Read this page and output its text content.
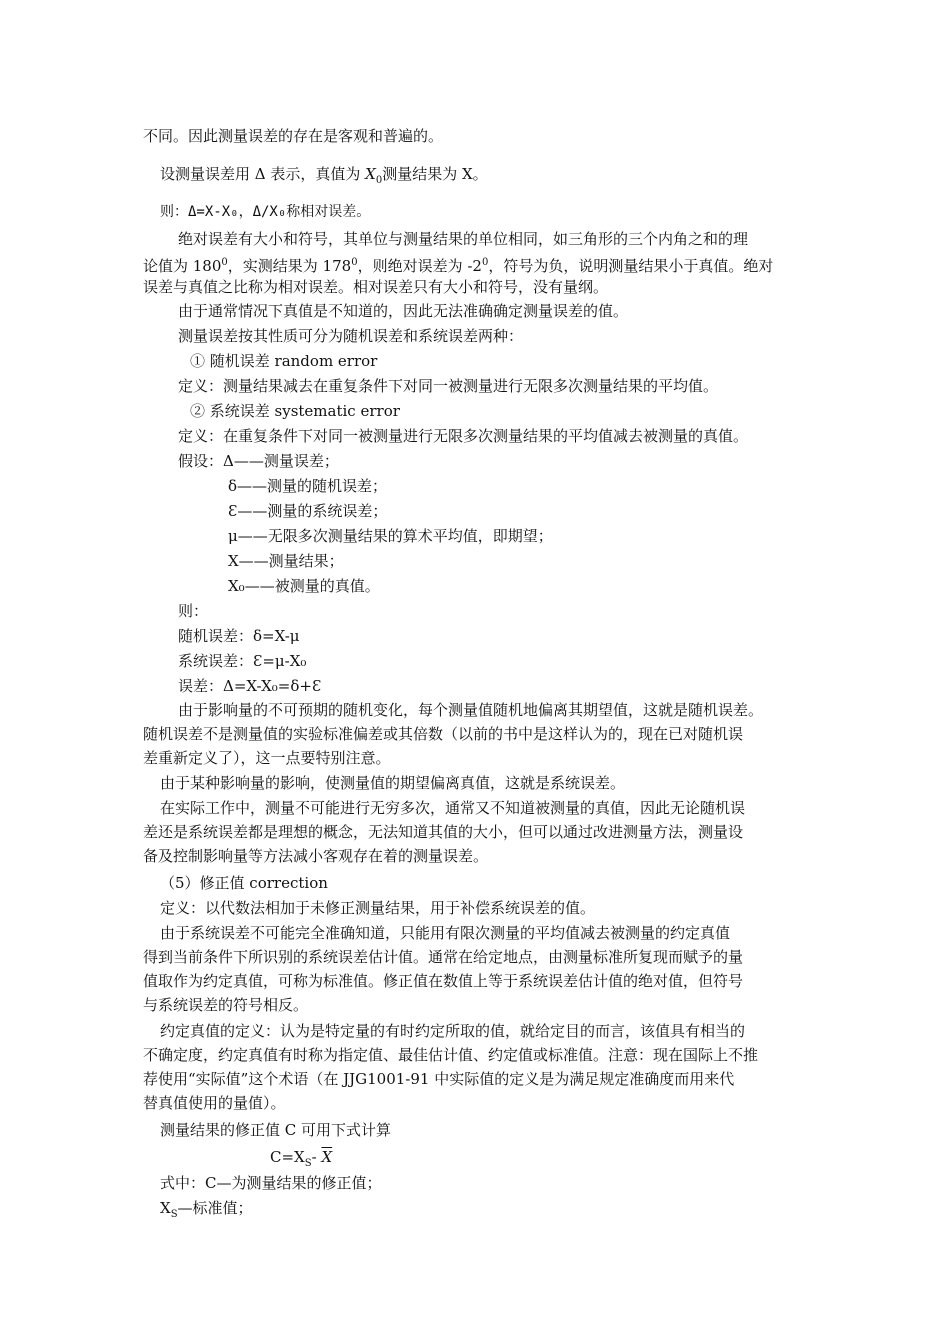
不同。因此测量误差的存在是客观和普遍的。
设测量误差用 Δ 表示，真值为 $X_0$测量结果为 X。
则：Δ=X-X₀，Δ/X₀称相对误差。
绝对误差有大小和符号，其单位与测量结果的单位相同，如三角形的三个内角之和的理
论值为 $180^0$，实测结果为 $178^0$，则绝对误差为 $-2^0$，符号为负，说明测量结果小于真值。绝对
误差与真值之比称为相对误差。相对误差只有大小和符号，没有量纲。
由于通常情况下真值是不知道的，因此无法准确确定测量误差的值。
测量误差按其性质可分为随机误差和系统误差两种：
① 随机误差 random error
定义：测量结果减去在重复条件下对同一被测量进行无限多次测量结果的平均值。
② 系统误差 systematic error
定义：在重复条件下对同一被测量进行无限多次测量结果的平均值减去被测量的真值。
假设：Δ——测量误差；
δ——测量的随机误差；
Ɛ——测量的系统误差；
μ——无限多次测量结果的算术平均值，即期望；
X——测量结果；
X₀——被测量的真值。
则：
随机误差：δ=X-μ
系统误差：Ɛ=μ-X₀
误差：Δ=X-X₀=δ+Ɛ
由于影响量的不可预期的随机变化，每个测量值随机地偏离其期望值，这就是随机误差。
随机误差不是测量值的实验标准偏差或其倍数（以前的书中是这样认为的，现在已对随机误
差重新定义了），这一点要特别注意。
由于某种影响量的影响，使测量值的期望偏离真值，这就是系统误差。
在实际工作中，测量不可能进行无穷多次，通常又不知道被测量的真值，因此无论随机误
差还是系统误差都是理想的概念，无法知道其值的大小，但可以通过改进测量方法，测量设
备及控制影响量等方法减小客观存在着的测量误差。
（5）修正值 correction
定义：以代数法相加于未修正测量结果，用于补偿系统误差的值。
由于系统误差不可能完全准确知道，只能用有限次测量的平均值减去被测量的约定真值
得到当前条件下所识别的系统误差估计值。通常在给定地点，由测量标准所复现而赋予的量
值取作为约定真值，可称为标准值。修正值在数值上等于系统误差估计值的绝对值，但符号
与系统误差的符号相反。
约定真值的定义：认为是特定量的有时约定所取的值，就给定目的而言，该值具有相当的
不确定度，约定真值有时称为指定值、最佳估计值、约定值或标准值。注意：现在国际上不推
荐使用“实际值”这个术语（在 JJG1001-91 中实际值的定义是为满足规定准确度而用来代
替真值使用的量值）。
测量结果的修正值 C 可用下式计算
$C=X_S-$ $\overline{X}$
式中：C—为测量结果的修正值；
$X_S—$标准值；
